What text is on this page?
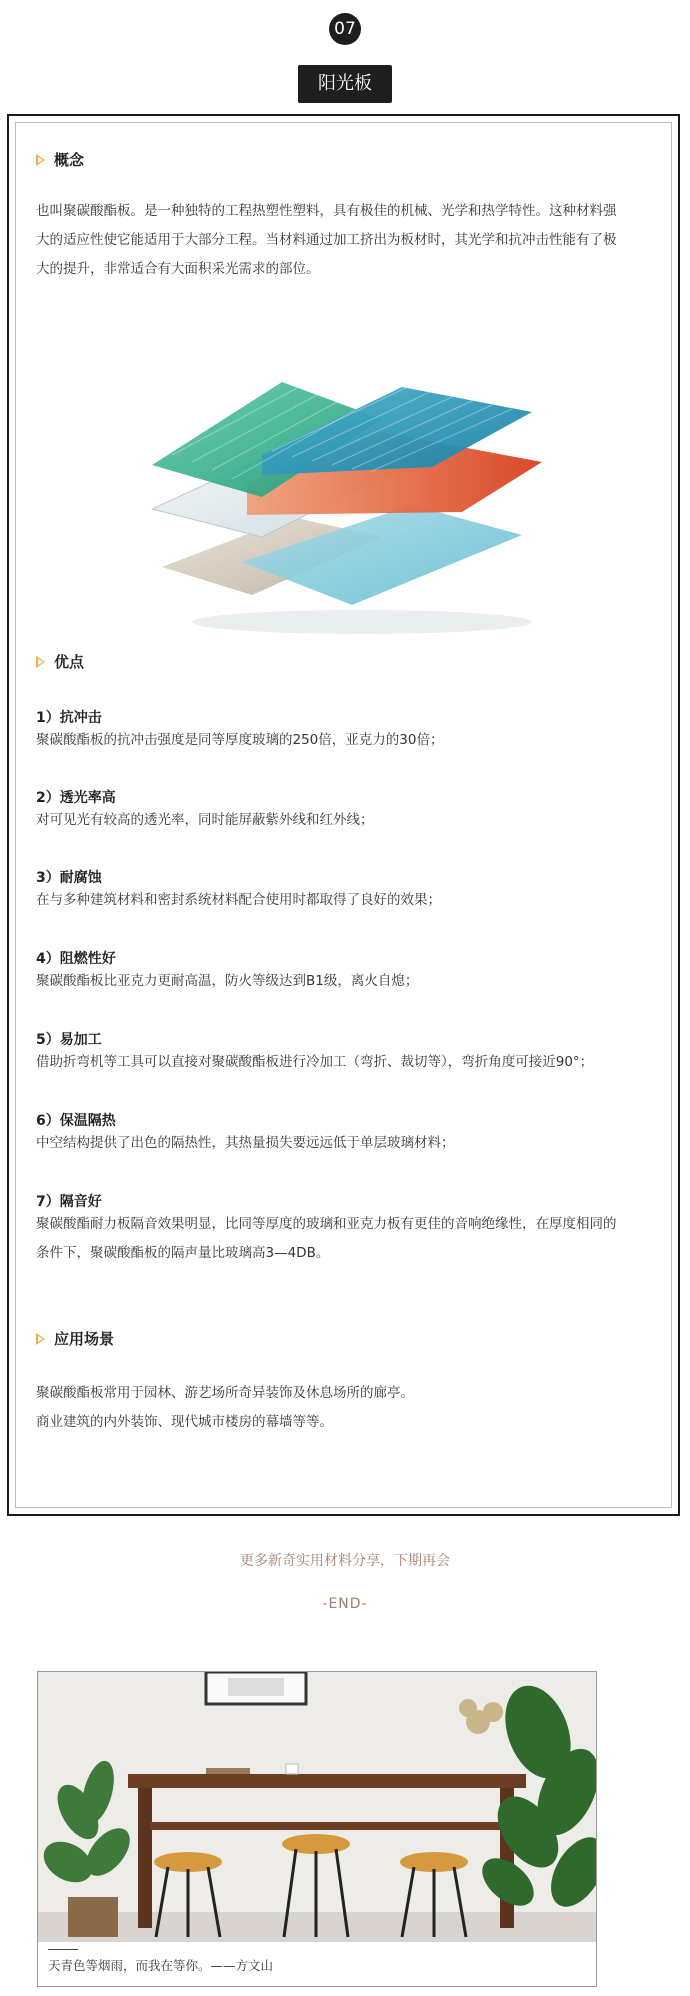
07
阳光板
概念
也叫聚碳酸酯板。是一种独特的工程热塑性塑料，具有极佳的机械、光学和热学特性。这种材料强
大的适应性使它能适用于大部分工程。当材料通过加工挤出为板材时，其光学和抗冲击性能有了极
大的提升，非常适合有大面积采光需求的部位。
优点
1）抗冲击
聚碳酸酯板的抗冲击强度是同等厚度玻璃的250倍，亚克力的30倍；
2）透光率高
对可见光有较高的透光率，同时能屏蔽紫外线和红外线；
3）耐腐蚀
在与多种建筑材料和密封系统材料配合使用时都取得了良好的效果；
4）阻燃性好
聚碳酸酯板比亚克力更耐高温，防火等级达到B1级，离火自熄；
5）易加工
借助折弯机等工具可以直接对聚碳酸酯板进行冷加工（弯折、裁切等），弯折角度可接近90°；
6）保温隔热
中空结构提供了出色的隔热性，其热量损失要远远低于单层玻璃材料；
7）隔音好
聚碳酸酯耐力板隔音效果明显，比同等厚度的玻璃和亚克力板有更佳的音响绝缘性，在厚度相同的
条件下，聚碳酸酯板的隔声量比玻璃高3—4DB。
应用场景
聚碳酸酯板常用于园林、游艺场所奇异装饰及休息场所的廊亭。
商业建筑的内外装饰、现代城市楼房的幕墙等等。
更多新奇实用材料分享，下期再会
-END-
天青色等烟雨，而我在等你。——方文山
